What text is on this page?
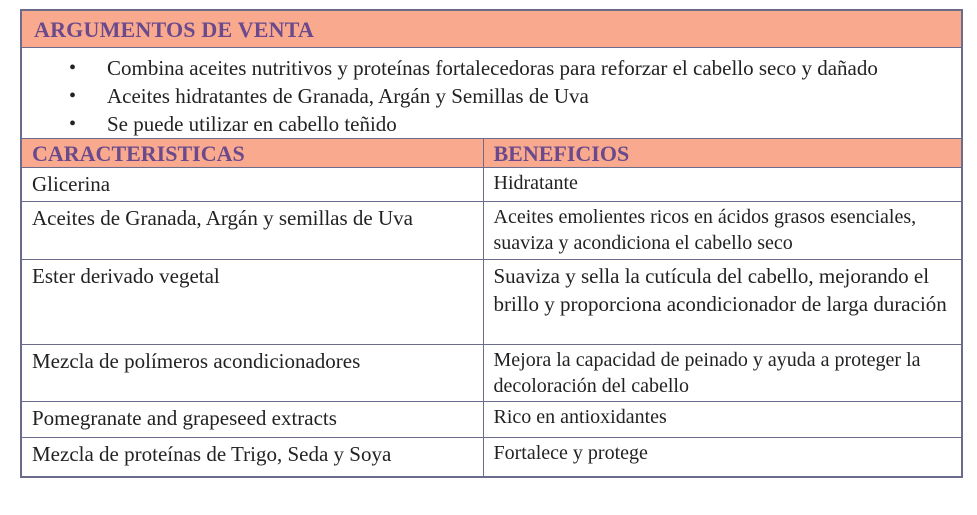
ARGUMENTOS DE VENTA
• Combina aceites nutritivos y proteínas fortalecedoras para reforzar el cabello seco y dañado
• Aceites hidratantes de Granada, Argán y Semillas de Uva
• Se puede utilizar en cabello teñido
CARACTERISTICAS	BENEFICIOS
Glicerina	Hidratante
Aceites de Granada, Argán y semillas de Uva	Aceites emolientes ricos en ácidos grasos esenciales, suaviza y acondiciona el cabello seco
Ester derivado vegetal	Suaviza y sella la cutícula del cabello, mejorando el brillo y proporciona acondicionador de larga duración
Mezcla de polímeros acondicionadores	Mejora la capacidad de peinado y ayuda a proteger la decoloración del cabello
Pomegranate and grapeseed extracts	Rico en antioxidantes
Mezcla de proteínas de Trigo, Seda y Soya	Fortalece y protege
